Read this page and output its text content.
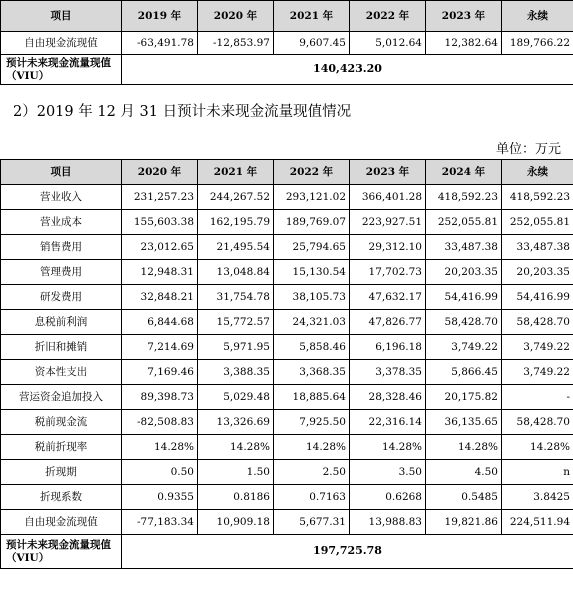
项目	2019 年	2020 年	2021 年	2022 年	2023 年	永续
自由现金流现值	-63,491.78	-12,853.97	9,607.45	5,012.64	12,382.64	189,766.22
预计未来现金流量现值（VIU）	140,423.20					
2）2019 年 12 月 31 日预计未来现金流量现值情况
单位：万元
项目	2020 年	2021 年	2022 年	2023 年	2024 年	永续
营业收入	231,257.23	244,267.52	293,121.02	366,401.28	418,592.23	418,592.23
营业成本	155,603.38	162,195.79	189,769.07	223,927.51	252,055.81	252,055.81
销售费用	23,012.65	21,495.54	25,794.65	29,312.10	33,487.38	33,487.38
管理费用	12,948.31	13,048.84	15,130.54	17,702.73	20,203.35	20,203.35
研发费用	32,848.21	31,754.78	38,105.73	47,632.17	54,416.99	54,416.99
息税前利润	6,844.68	15,772.57	24,321.03	47,826.77	58,428.70	58,428.70
折旧和摊销	7,214.69	5,971.95	5,858.46	6,196.18	3,749.22	3,749.22
资本性支出	7,169.46	3,388.35	3,368.35	3,378.35	5,866.45	3,749.22
营运资金追加投入	89,398.73	5,029.48	18,885.64	28,328.46	20,175.82	-
税前现金流	-82,508.83	13,326.69	7,925.50	22,316.14	36,135.65	58,428.70
税前折现率	14.28%	14.28%	14.28%	14.28%	14.28%	14.28%
折现期	0.50	1.50	2.50	3.50	4.50	n
折现系数	0.9355	0.8186	0.7163	0.6268	0.5485	3.8425
自由现金流现值	-77,183.34	10,909.18	5,677.31	13,988.83	19,821.86	224,511.94
预计未来现金流量现值（VIU）	197,725.78					
